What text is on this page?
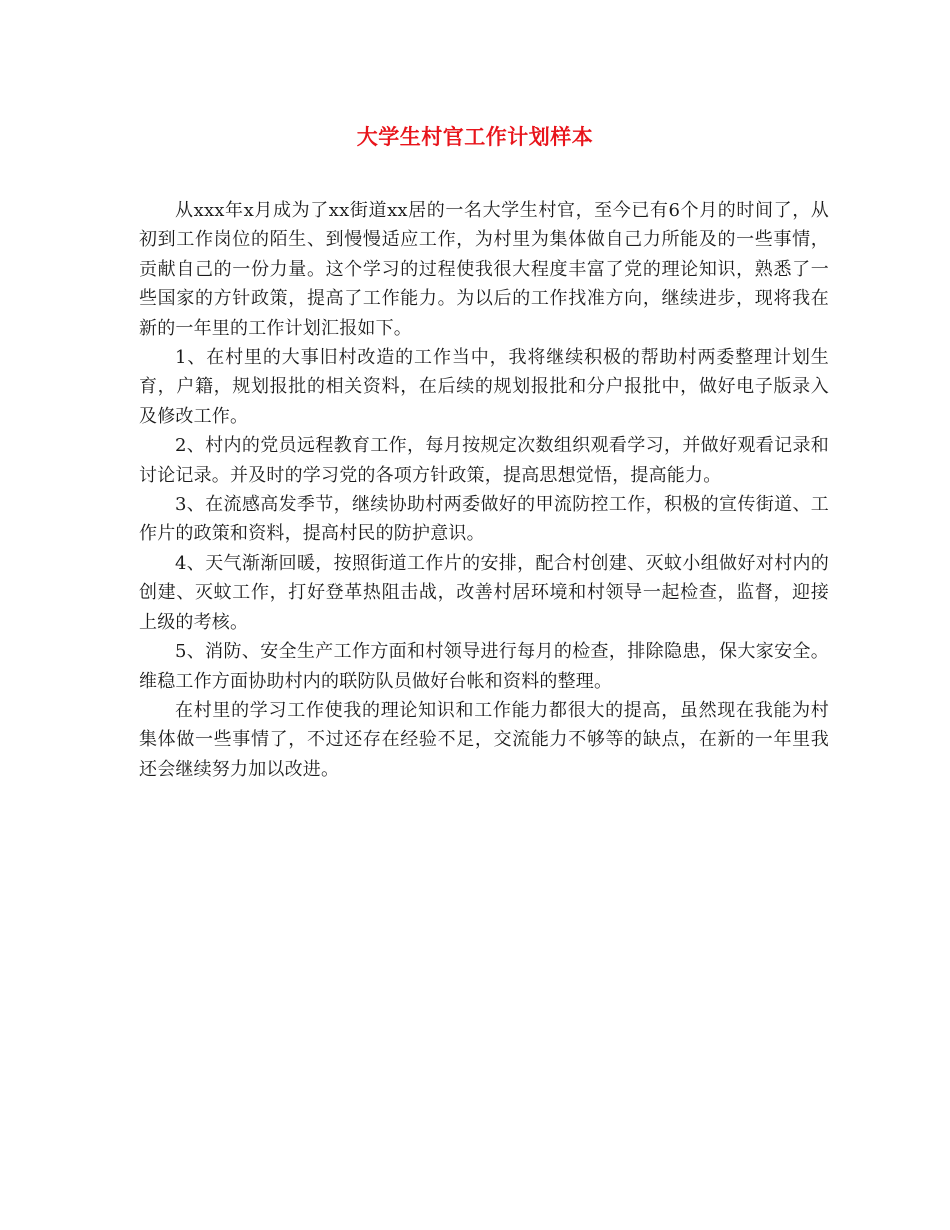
大学生村官工作计划样本

从xxx年x月成为了xx街道xx居的一名大学生村官，至今已有6个月的时间了，从初到工作岗位的陌生、到慢慢适应工作，为村里为集体做自己力所能及的一些事情，贡献自己的一份力量。这个学习的过程使我很大程度丰富了党的理论知识，熟悉了一些国家的方针政策，提高了工作能力。为以后的工作找准方向，继续进步，现将我在新的一年里的工作计划汇报如下。

1、在村里的大事旧村改造的工作当中，我将继续积极的帮助村两委整理计划生育，户籍，规划报批的相关资料，在后续的规划报批和分户报批中，做好电子版录入及修改工作。

2、村内的党员远程教育工作，每月按规定次数组织观看学习，并做好观看记录和讨论记录。并及时的学习党的各项方针政策，提高思想觉悟，提高能力。

3、在流感高发季节，继续协助村两委做好的甲流防控工作，积极的宣传街道、工作片的政策和资料，提高村民的防护意识。

4、天气渐渐回暖，按照街道工作片的安排，配合村创建、灭蚊小组做好对村内的创建、灭蚊工作，打好登革热阻击战，改善村居环境和村领导一起检查，监督，迎接上级的考核。

5、消防、安全生产工作方面和村领导进行每月的检查，排除隐患，保大家安全。维稳工作方面协助村内的联防队员做好台帐和资料的整理。

在村里的学习工作使我的理论知识和工作能力都很大的提高，虽然现在我能为村集体做一些事情了，不过还存在经验不足，交流能力不够等的缺点，在新的一年里我还会继续努力加以改进。
